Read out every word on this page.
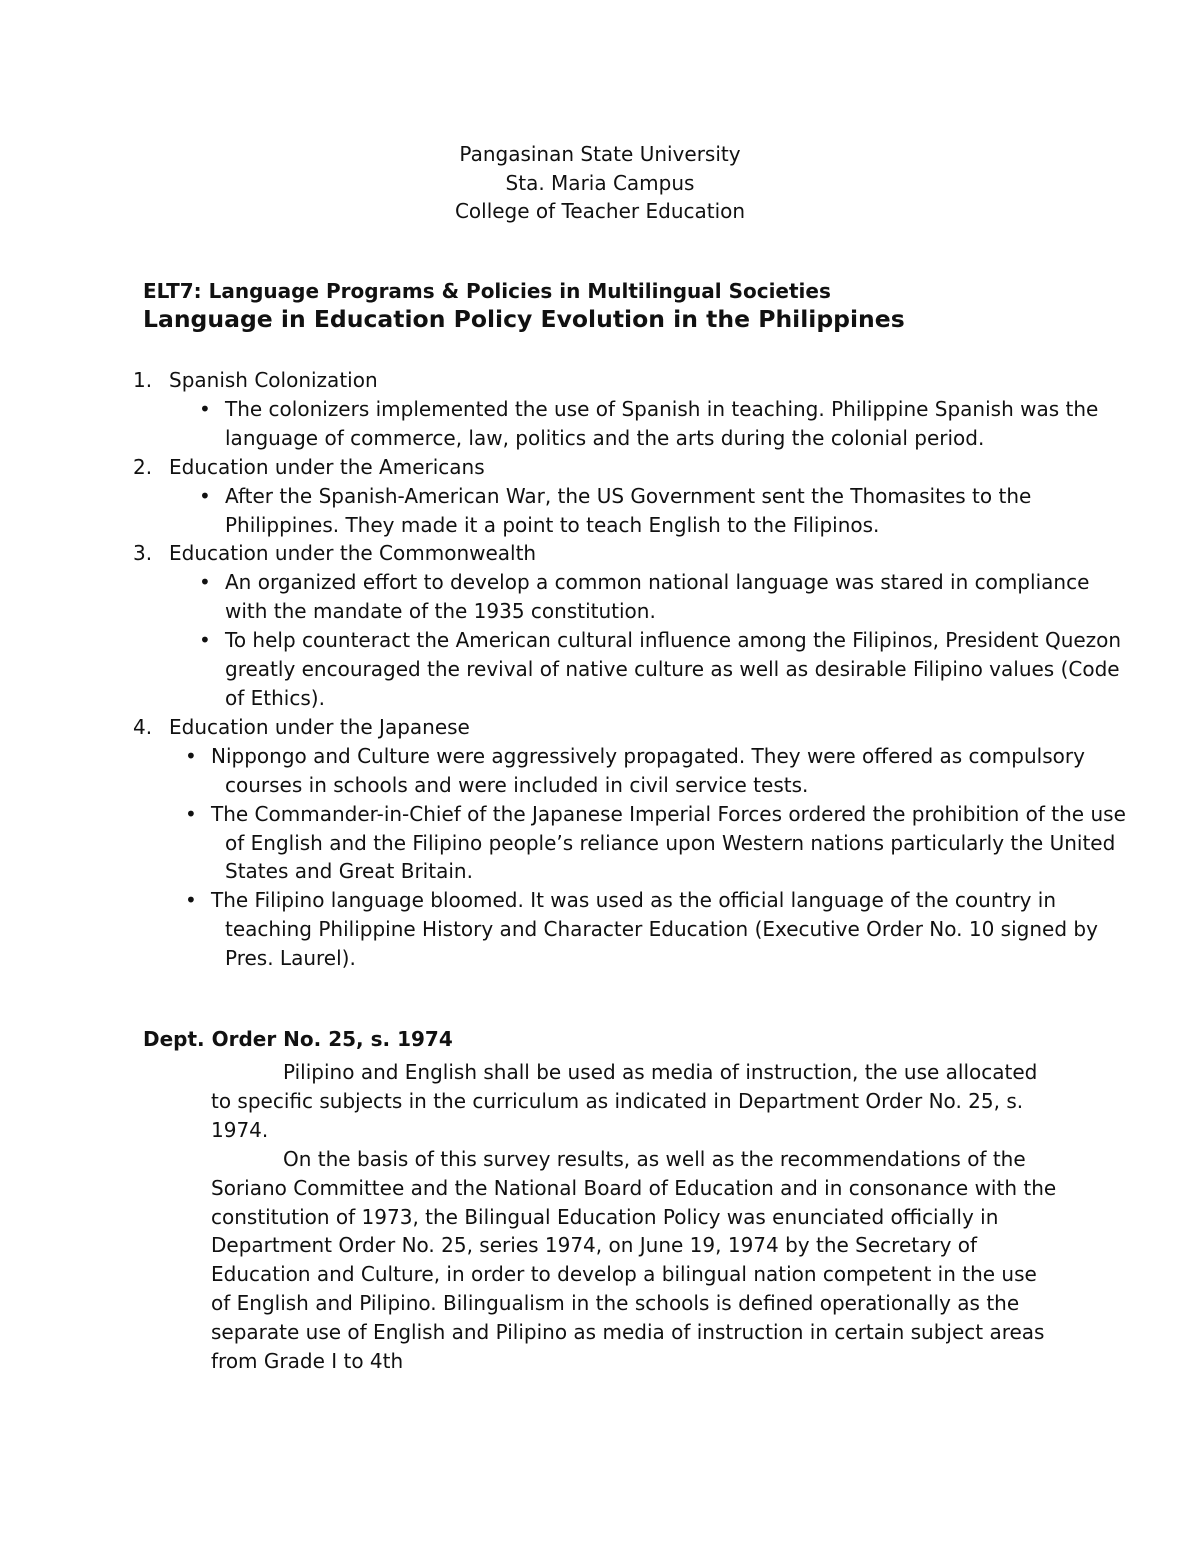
Pangasinan State University
Sta. Maria Campus
College of Teacher Education
ELT7: Language Programs & Policies in Multilingual Societies
Language in Education Policy Evolution in the Philippines
1. Spanish Colonization
• The colonizers implemented the use of Spanish in teaching. Philippine Spanish was the language of commerce, law, politics and the arts during the colonial period.
2. Education under the Americans
• After the Spanish-American War, the US Government sent the Thomasites to the Philippines. They made it a point to teach English to the Filipinos.
3. Education under the Commonwealth
• An organized effort to develop a common national language was stared in compliance with the mandate of the 1935 constitution.
• To help counteract the American cultural influence among the Filipinos, President Quezon greatly encouraged the revival of native culture as well as desirable Filipino values (Code of Ethics).
4. Education under the Japanese
• Nippongo and Culture were aggressively propagated. They were offered as compulsory courses in schools and were included in civil service tests.
• The Commander-in-Chief of the Japanese Imperial Forces ordered the prohibition of the use of English and the Filipino people’s reliance upon Western nations particularly the United States and Great Britain.
• The Filipino language bloomed. It was used as the official language of the country in teaching Philippine History and Character Education (Executive Order No. 10 signed by Pres. Laurel).
Dept. Order No. 25, s. 1974

Pilipino and English shall be used as media of instruction, the use allocated to specific subjects in the curriculum as indicated in Department Order No. 25, s. 1974.

On the basis of this survey results, as well as the recommendations of the Soriano Committee and the National Board of Education and in consonance with the constitution of 1973, the Bilingual Education Policy was enunciated officially in Department Order No. 25, series 1974, on June 19, 1974 by the Secretary of Education and Culture, in order to develop a bilingual nation competent in the use of English and Pilipino. Bilingualism in the schools is defined operationally as the separate use of English and Pilipino as media of instruction in certain subject areas from Grade I to 4th
